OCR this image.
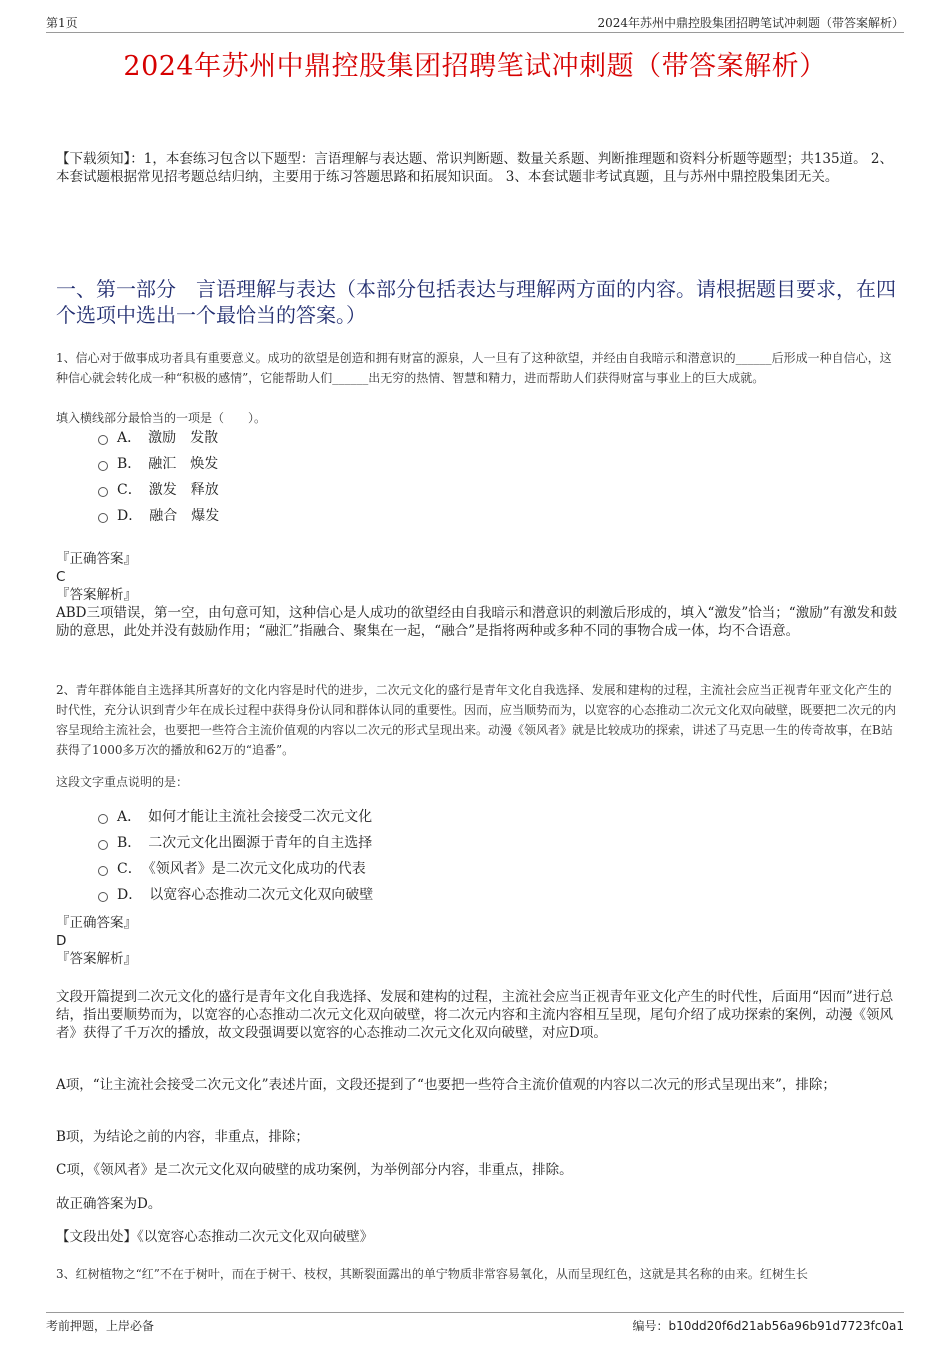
第1页	2024年苏州中鼎控股集团招聘笔试冲刺题（带答案解析）
2024年苏州中鼎控股集团招聘笔试冲刺题（带答案解析）
【下载须知】：1，本套练习包含以下题型：言语理解与表达题、常识判断题、数量关系题、判断推理题和资料分析题等题型；共135道。 2、本套试题根据常见招考题总结归纳，主要用于练习答题思路和拓展知识面。 3、本套试题非考试真题，且与苏州中鼎控股集团无关。
一、第一部分　言语理解与表达（本部分包括表达与理解两方面的内容。请根据题目要求，在四个选项中选出一个最恰当的答案。）
1、信心对于做事成功者具有重要意义。成功的欲望是创造和拥有财富的源泉，人一旦有了这种欲望，并经由自我暗示和潜意识的______后形成一种自信心，这种信心就会转化成一种“积极的感情”，它能帮助人们______出无穷的热情、智慧和精力，进而帮助人们获得财富与事业上的巨大成就。
填入横线部分最恰当的一项是（　　）。
A．　激励　发散
B．　融汇　焕发
C．　激发　释放
D．　融合　爆发
『正确答案』
C
『答案解析』
ABD三项错误，第一空，由句意可知，这种信心是人成功的欲望经由自我暗示和潜意识的刺激后形成的，填入“激发”恰当；“激励”有激发和鼓励的意思，此处并没有鼓励作用；“融汇”指融合、聚集在一起，“融合”是指将两种或多种不同的事物合成一体，均不合语意。
2、青年群体能自主选择其所喜好的文化内容是时代的进步，二次元文化的盛行是青年文化自我选择、发展和建构的过程，主流社会应当正视青年亚文化产生的时代性，充分认识到青少年在成长过程中获得身份认同和群体认同的重要性。因而，应当顺势而为，以宽容的心态推动二次元文化双向破壁，既要把二次元的内容呈现给主流社会，也要把一些符合主流价值观的内容以二次元的形式呈现出来。动漫《领风者》就是比较成功的探索，讲述了马克思一生的传奇故事，在B站获得了1000多万次的播放和62万的“追番”。
这段文字重点说明的是：
A．　如何才能让主流社会接受二次元文化
B．　二次元文化出圈源于青年的自主选择
C．　《领风者》是二次元文化成功的代表
D．　以宽容心态推动二次元文化双向破壁
『正确答案』
D
『答案解析』
文段开篇提到二次元文化的盛行是青年文化自我选择、发展和建构的过程，主流社会应当正视青年亚文化产生的时代性，后面用“因而”进行总结，指出要顺势而为，以宽容的心态推动二次元文化双向破壁，将二次元内容和主流内容相互呈现，尾句介绍了成功探索的案例，动漫《领风者》获得了千万次的播放，故文段强调要以宽容的心态推动二次元文化双向破壁，对应D项。
A项，“让主流社会接受二次元文化”表述片面，文段还提到了“也要把一些符合主流价值观的内容以二次元的形式呈现出来”，排除；
B项，为结论之前的内容，非重点，排除；
C项，《领风者》是二次元文化双向破壁的成功案例，为举例部分内容，非重点，排除。
故正确答案为D。
【文段出处】《以宽容心态推动二次元文化双向破壁》
3、红树植物之“红”不在于树叶，而在于树干、枝杈，其断裂面露出的单宁物质非常容易氧化，从而呈现红色，这就是其名称的由来。红树生长
考前押题，上岸必备	编号：b10dd20f6d21ab56a96b91d7723fc0a1
